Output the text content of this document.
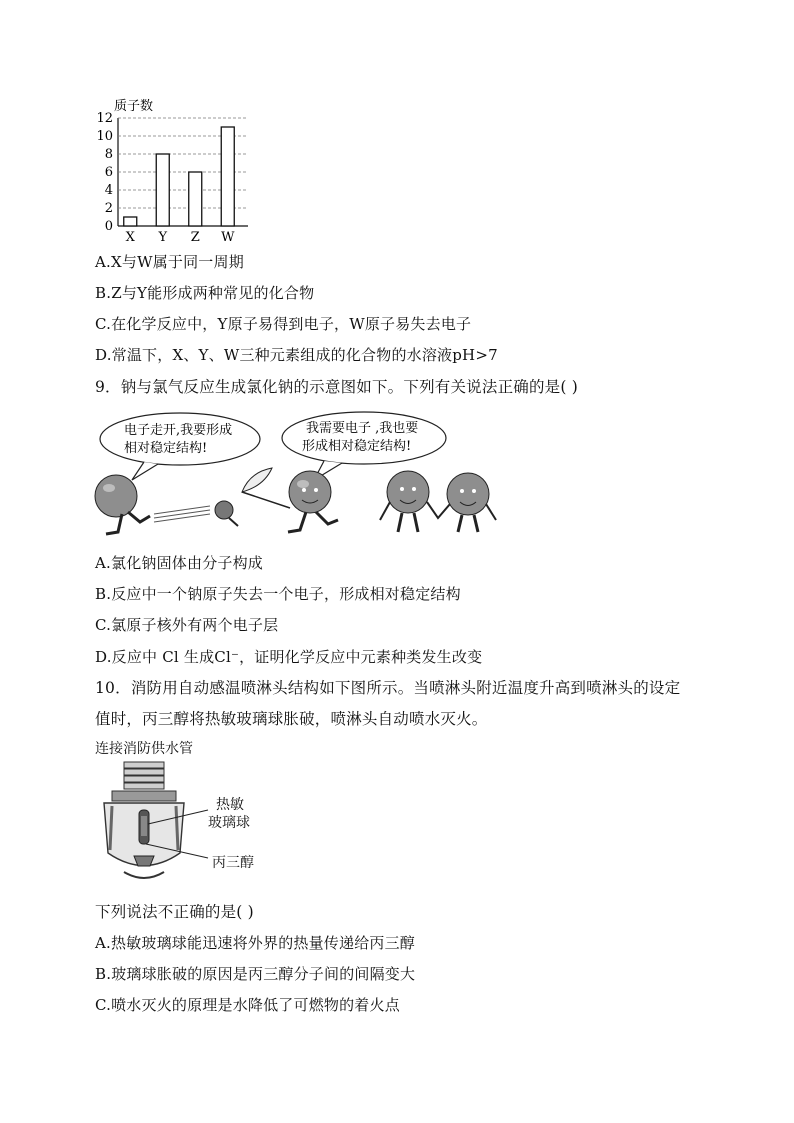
质子数
0
2
4
6
8
10
12
X Y Z W
A.X与W属于同一周期
B.Z与Y能形成两种常见的化合物
C.在化学反应中，Y原子易得到电子，W原子易失去电子
D.常温下，X、Y、W三种元素组成的化合物的水溶液pH>7
9．钠与氯气反应生成氯化钠的示意图如下。下列有关说法正确的是( )
电子走开,我要形成
相对稳定结构!
我需要电子 ,我也要
形成相对稳定结构!
A.氯化钠固体由分子构成
B.反应中一个钠原子失去一个电子，形成相对稳定结构
C.氯原子核外有两个电子层
D.反应中 Cl 生成Cl⁻，证明化学反应中元素种类发生改变
10．消防用自动感温喷淋头结构如下图所示。当喷淋头附近温度升高到喷淋头的设定
值时，丙三醇将热敏玻璃球胀破，喷淋头自动喷水灭火。
连接消防供水管
热敏
玻璃球
丙三醇
下列说法不正确的是( )
A.热敏玻璃球能迅速将外界的热量传递给丙三醇
B.玻璃球胀破的原因是丙三醇分子间的间隔变大
C.喷水灭火的原理是水降低了可燃物的着火点
